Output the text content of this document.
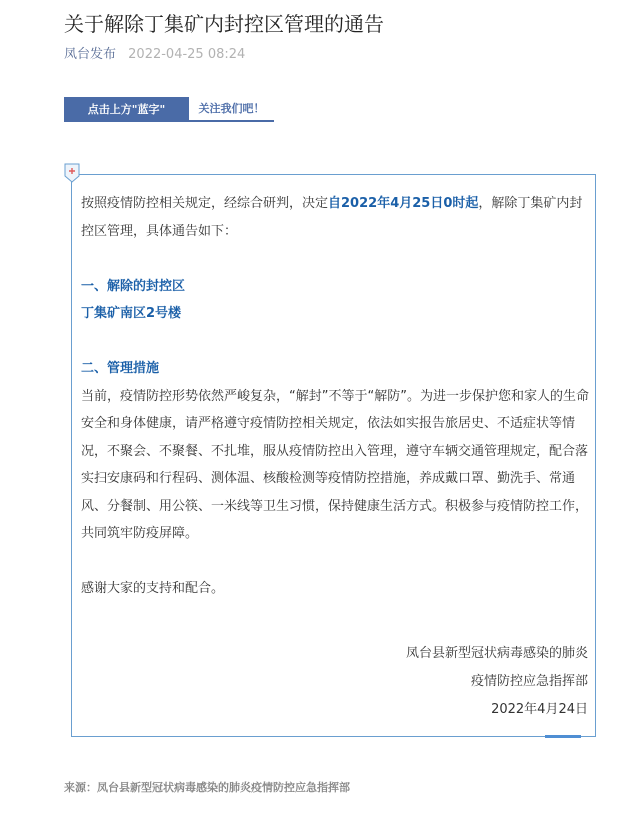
关于解除丁集矿内封控区管理的通告
凤台发布 2022-04-25 08:24
点击上方"蓝字"	关注我们吧！

按照疫情防控相关规定，经综合研判，决定自2022年4月25日0时起，解除丁集矿内封控区管理，具体通告如下：

一、解除的封控区

丁集矿南区2号楼

二、管理措施

当前，疫情防控形势依然严峻复杂，“解封”不等于“解防”。为进一步保护您和家人的生命安全和身体健康，请严格遵守疫情防控相关规定，依法如实报告旅居史、不适症状等情况，不聚会、不聚餐、不扎堆，服从疫情防控出入管理，遵守车辆交通管理规定，配合落实扫安康码和行程码、测体温、核酸检测等疫情防控措施，养成戴口罩、勤洗手、常通风、分餐制、用公筷、一米线等卫生习惯，保持健康生活方式。积极参与疫情防控工作，共同筑牢防疫屏障。

感谢大家的支持和配合。

凤台县新型冠状病毒感染的肺炎
疫情防控应急指挥部
2022年4月24日
来源：凤台县新型冠状病毒感染的肺炎疫情防控应急指挥部
